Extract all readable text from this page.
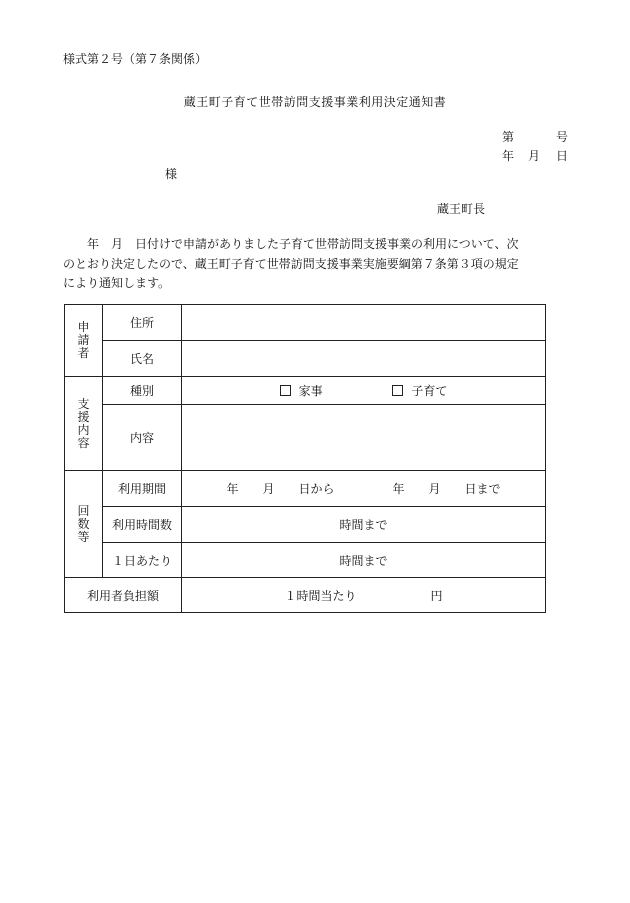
様式第２号（第７条関係）
蔵王町子育て世帯訪問支援事業利用決定通知書
第	号
年 月 日
様
蔵王町長
年　月　日付けで申請がありました子育て世帯訪問支援事業の利用について、次
のとおり決定したので、蔵王町子育て世帯訪問支援事業実施要綱第７条第３項の規定
により通知します。
申請者	住所	
	氏名	
支援内容	種別	家事 子育て
	内容	
回数等	利用期間	年 月 日から 年 月 日まで
	利用時間数	時間まで
	１日あたり	時間まで
利用者負担額		１時間当たり 円
